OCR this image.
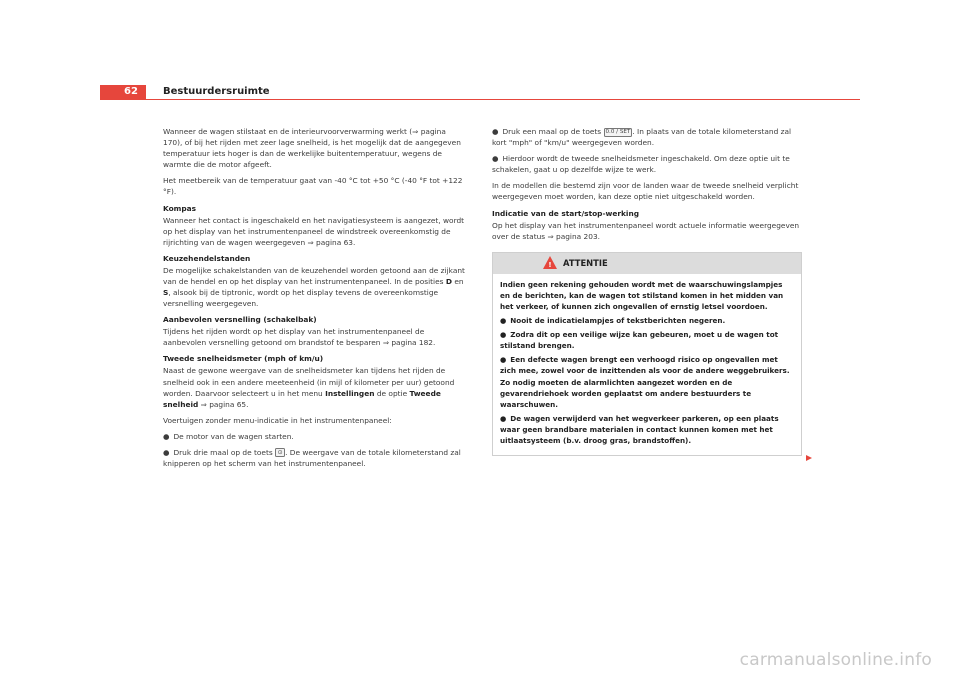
62	Bestuurdersruimte

Wanneer de wagen stilstaat en de interieurvoorverwarming werkt (⇒ pagina 170), of bij het rijden met zeer lage snelheid, is het mogelijk dat de aangegeven temperatuur iets hoger is dan de werkelijke buitentemperatuur, wegens de warmte die de motor afgeeft.

Het meetbereik van de temperatuur gaat van -40 °C tot +50 °C (-40 °F tot +122 °F).

Kompas

Wanneer het contact is ingeschakeld en het navigatiesysteem is aangezet, wordt op het display van het instrumentenpaneel de windstreek overeenkomstig de rijrichting van de wagen weergegeven ⇒ pagina 63.

Keuzehendelstanden

De mogelijke schakelstanden van de keuzehendel worden getoond aan de zijkant van de hendel en op het display van het instrumentenpaneel. In de posities D en S, alsook bij de tiptronic, wordt op het display tevens de overeenkomstige versnelling weergegeven.

Aanbevolen versnelling (schakelbak)

Tijdens het rijden wordt op het display van het instrumentenpaneel de aanbevolen versnelling getoond om brandstof te besparen ⇒ pagina 182.

Tweede snelheidsmeter (mph of km/u)

Naast de gewone weergave van de snelheidsmeter kan tijdens het rijden de snelheid ook in een andere meeteenheid (in mijl of kilometer per uur) getoond worden. Daarvoor selecteert u in het menu Instellingen de optie Tweede snelheid ⇒ pagina 65.

Voertuigen zonder menu-indicatie in het instrumentenpaneel:

● De motor van de wagen starten.

● Druk drie maal op de toets ⊙ . De weergave van de totale kilometerstand zal knipperen op het scherm van het instrumentenpaneel.

● Druk een maal op de toets 0.0 / SET . In plaats van de totale kilometerstand zal kort "mph" of "km/u" weergegeven worden.

● Hierdoor wordt de tweede snelheidsmeter ingeschakeld. Om deze optie uit te schakelen, gaat u op dezelfde wijze te werk.

In de modellen die bestemd zijn voor de landen waar de tweede snelheid verplicht weergegeven moet worden, kan deze optie niet uitgeschakeld worden.

Indicatie van de start/stop-werking

Op het display van het instrumentenpaneel wordt actuele informatie weergegeven over de status ⇒ pagina 203.

! ATTENTIE

Indien geen rekening gehouden wordt met de waarschuwingslampjes en de berichten, kan de wagen tot stilstand komen in het midden van het verkeer, of kunnen zich ongevallen of ernstig letsel voordoen.

● Nooit de indicatielampjes of tekstberichten negeren.

● Zodra dit op een veilige wijze kan gebeuren, moet u de wagen tot stilstand brengen.

● Een defecte wagen brengt een verhoogd risico op ongevallen met zich mee, zowel voor de inzittenden als voor de andere weggebruikers. Zo nodig moeten de alarmlichten aangezet worden en de gevarendriehoek worden geplaatst om andere bestuurders te waarschuwen.

● De wagen verwijderd van het wegverkeer parkeren, op een plaats waar geen brandbare materialen in contact kunnen komen met het uitlaatsysteem (b.v. droog gras, brandstoffen).

carmanualsonline.info
